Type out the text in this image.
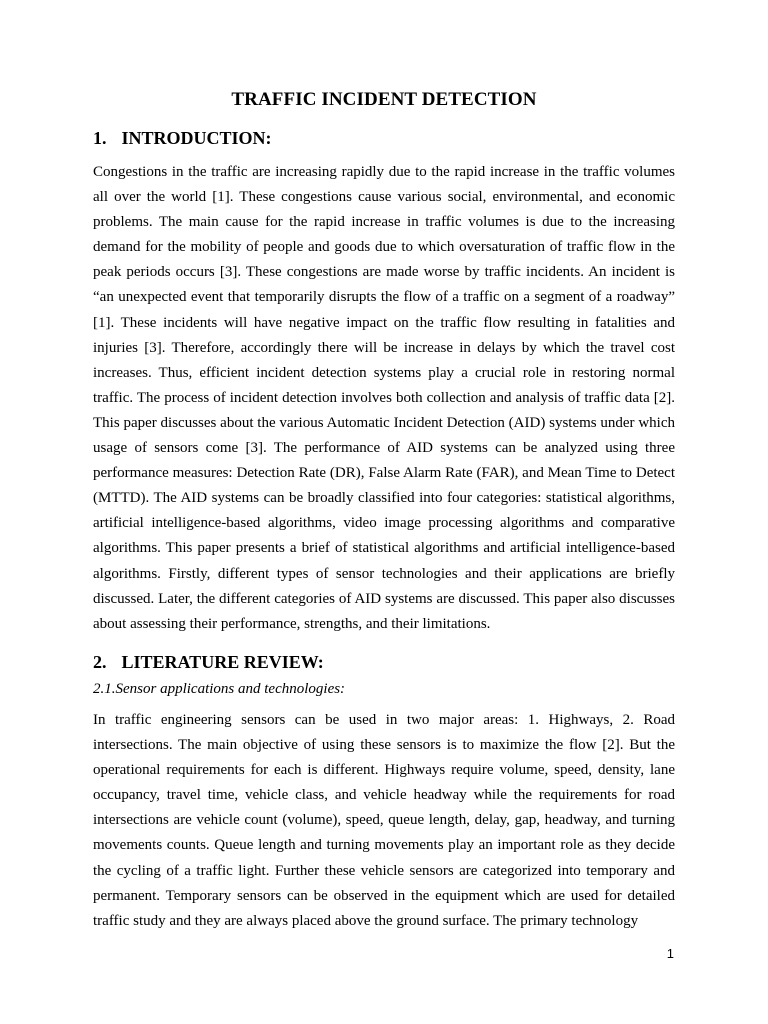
TRAFFIC INCIDENT DETECTION
1. INTRODUCTION:

Congestions in the traffic are increasing rapidly due to the rapid increase in the traffic volumes all over the world [1]. These congestions cause various social, environmental, and economic problems. The main cause for the rapid increase in traffic volumes is due to the increasing demand for the mobility of people and goods due to which oversaturation of traffic flow in the peak periods occurs [3]. These congestions are made worse by traffic incidents. An incident is “an unexpected event that temporarily disrupts the flow of a traffic on a segment of a roadway” [1]. These incidents will have negative impact on the traffic flow resulting in fatalities and injuries [3]. Therefore, accordingly there will be increase in delays by which the travel cost increases. Thus, efficient incident detection systems play a crucial role in restoring normal traffic. The process of incident detection involves both collection and analysis of traffic data [2]. This paper discusses about the various Automatic Incident Detection (AID) systems under which usage of sensors come [3]. The performance of AID systems can be analyzed using three performance measures: Detection Rate (DR), False Alarm Rate (FAR), and Mean Time to Detect (MTTD). The AID systems can be broadly classified into four categories: statistical algorithms, artificial intelligence-based algorithms, video image processing algorithms and comparative algorithms. This paper presents a brief of statistical algorithms and artificial intelligence-based algorithms. Firstly, different types of sensor technologies and their applications are briefly discussed. Later, the different categories of AID systems are discussed. This paper also discusses about assessing their performance, strengths, and their limitations.

2. LITERATURE REVIEW:
2.1.Sensor applications and technologies:

In traffic engineering sensors can be used in two major areas: 1. Highways, 2. Road intersections. The main objective of using these sensors is to maximize the flow [2]. But the operational requirements for each is different. Highways require volume, speed, density, lane occupancy, travel time, vehicle class, and vehicle headway while the requirements for road intersections are vehicle count (volume), speed, queue length, delay, gap, headway, and turning movements counts. Queue length and turning movements play an important role as they decide the cycling of a traffic light. Further these vehicle sensors are categorized into temporary and permanent. Temporary sensors can be observed in the equipment which are used for detailed traffic study and they are always placed above the ground surface. The primary technology

1
